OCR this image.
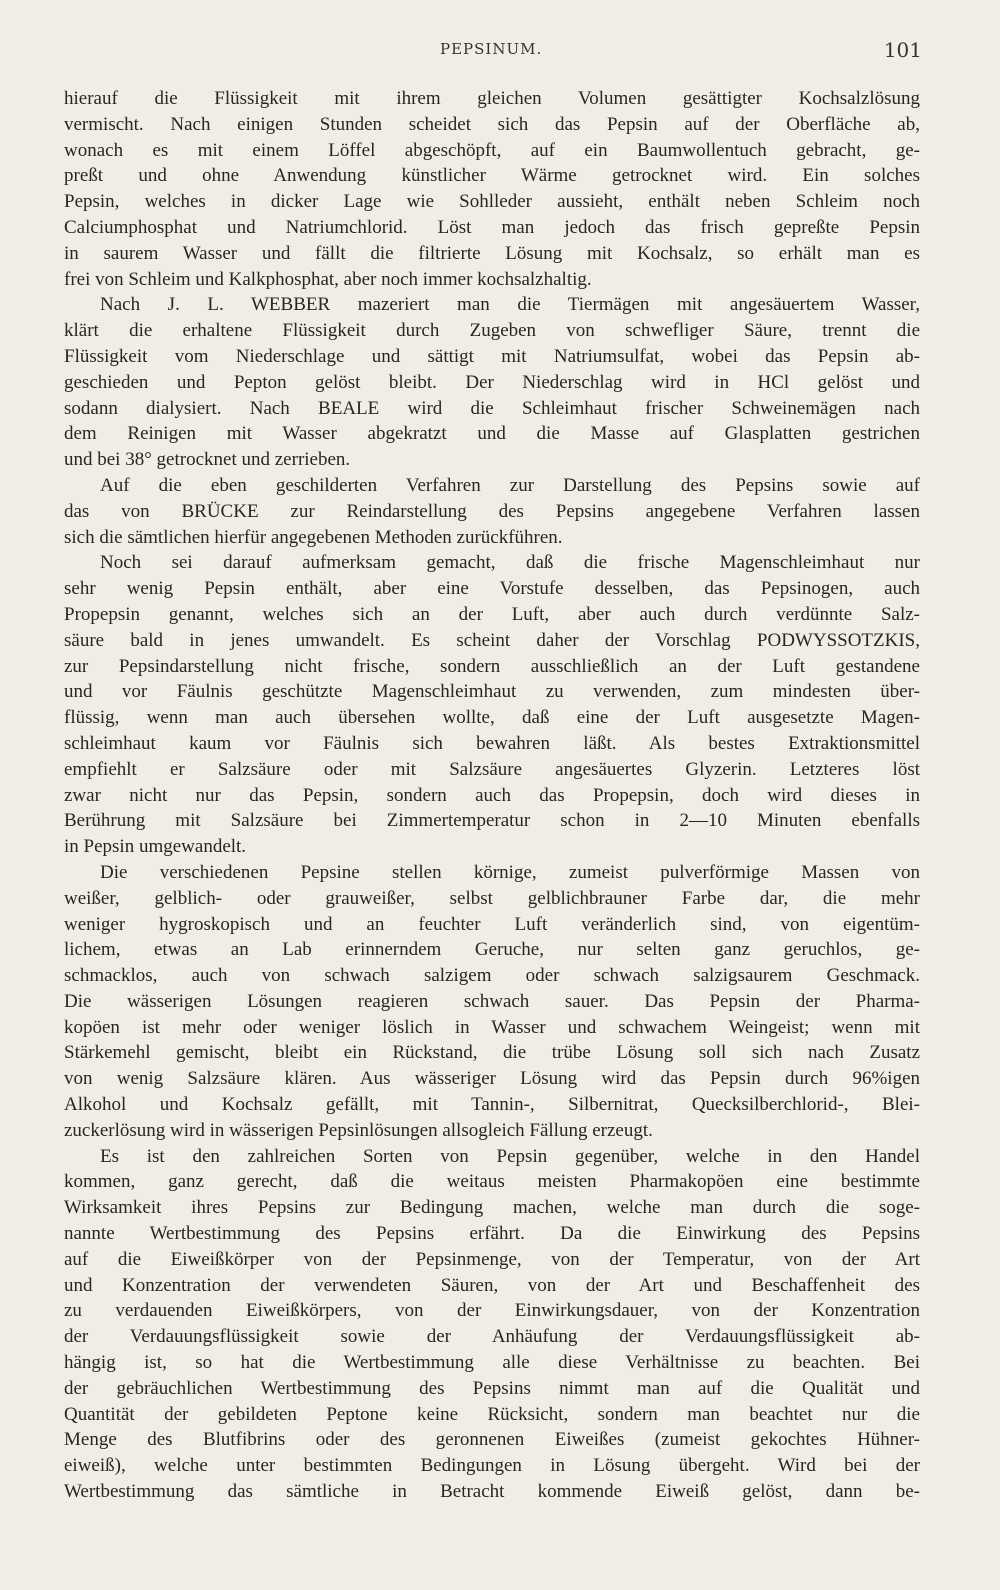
PEPSINUM.	101
hierauf die Flüssigkeit mit ihrem gleichen Volumen gesättigter Kochsalzlösung
vermischt. Nach einigen Stunden scheidet sich das Pepsin auf der Oberfläche ab,
wonach es mit einem Löffel abgeschöpft, auf ein Baumwollentuch gebracht, ge-
preßt und ohne Anwendung künstlicher Wärme getrocknet wird. Ein solches
Pepsin, welches in dicker Lage wie Sohlleder aussieht, enthält neben Schleim noch
Calciumphosphat und Natriumchlorid. Löst man jedoch das frisch gepreßte Pepsin
in saurem Wasser und fällt die filtrierte Lösung mit Kochsalz, so erhält man es
frei von Schleim und Kalkphosphat, aber noch immer kochsalzhaltig.
Nach J. L. WEBBER mazeriert man die Tiermägen mit angesäuertem Wasser,
klärt die erhaltene Flüssigkeit durch Zugeben von schwefliger Säure, trennt die
Flüssigkeit vom Niederschlage und sättigt mit Natriumsulfat, wobei das Pepsin ab-
geschieden und Pepton gelöst bleibt. Der Niederschlag wird in HCl gelöst und
sodann dialysiert. Nach BEALE wird die Schleimhaut frischer Schweinemägen nach
dem Reinigen mit Wasser abgekratzt und die Masse auf Glasplatten gestrichen
und bei 38° getrocknet und zerrieben.
Auf die eben geschilderten Verfahren zur Darstellung des Pepsins sowie auf
das von BRÜCKE zur Reindarstellung des Pepsins angegebene Verfahren lassen
sich die sämtlichen hierfür angegebenen Methoden zurückführen.
Noch sei darauf aufmerksam gemacht, daß die frische Magenschleimhaut nur
sehr wenig Pepsin enthält, aber eine Vorstufe desselben, das Pepsinogen, auch
Propepsin genannt, welches sich an der Luft, aber auch durch verdünnte Salz-
säure bald in jenes umwandelt. Es scheint daher der Vorschlag PODWYSSOTZKIS,
zur Pepsindarstellung nicht frische, sondern ausschließlich an der Luft gestandene
und vor Fäulnis geschützte Magenschleimhaut zu verwenden, zum mindesten über-
flüssig, wenn man auch übersehen wollte, daß eine der Luft ausgesetzte Magen-
schleimhaut kaum vor Fäulnis sich bewahren läßt. Als bestes Extraktionsmittel
empfiehlt er Salzsäure oder mit Salzsäure angesäuertes Glyzerin. Letzteres löst
zwar nicht nur das Pepsin, sondern auch das Propepsin, doch wird dieses in
Berührung mit Salzsäure bei Zimmertemperatur schon in 2—10 Minuten ebenfalls
in Pepsin umgewandelt.
Die verschiedenen Pepsine stellen körnige, zumeist pulverförmige Massen von
weißer, gelblich- oder grauweißer, selbst gelblichbrauner Farbe dar, die mehr
weniger hygroskopisch und an feuchter Luft veränderlich sind, von eigentüm-
lichem, etwas an Lab erinnerndem Geruche, nur selten ganz geruchlos, ge-
schmacklos, auch von schwach salzigem oder schwach salzigsaurem Geschmack.
Die wässerigen Lösungen reagieren schwach sauer. Das Pepsin der Pharma-
kopöen ist mehr oder weniger löslich in Wasser und schwachem Weingeist; wenn mit
Stärkemehl gemischt, bleibt ein Rückstand, die trübe Lösung soll sich nach Zusatz
von wenig Salzsäure klären. Aus wässeriger Lösung wird das Pepsin durch 96%igen
Alkohol und Kochsalz gefällt, mit Tannin-, Silbernitrat, Quecksilberchlorid-, Blei-
zuckerlösung wird in wässerigen Pepsinlösungen allsogleich Fällung erzeugt.
Es ist den zahlreichen Sorten von Pepsin gegenüber, welche in den Handel
kommen, ganz gerecht, daß die weitaus meisten Pharmakopöen eine bestimmte
Wirksamkeit ihres Pepsins zur Bedingung machen, welche man durch die soge-
nannte Wertbestimmung des Pepsins erfährt. Da die Einwirkung des Pepsins
auf die Eiweißkörper von der Pepsinmenge, von der Temperatur, von der Art
und Konzentration der verwendeten Säuren, von der Art und Beschaffenheit des
zu verdauenden Eiweißkörpers, von der Einwirkungsdauer, von der Konzentration
der Verdauungsflüssigkeit sowie der Anhäufung der Verdauungsflüssigkeit ab-
hängig ist, so hat die Wertbestimmung alle diese Verhältnisse zu beachten. Bei
der gebräuchlichen Wertbestimmung des Pepsins nimmt man auf die Qualität und
Quantität der gebildeten Peptone keine Rücksicht, sondern man beachtet nur die
Menge des Blutfibrins oder des geronnenen Eiweißes (zumeist gekochtes Hühner-
eiweiß), welche unter bestimmten Bedingungen in Lösung übergeht. Wird bei der
Wertbestimmung das sämtliche in Betracht kommende Eiweiß gelöst, dann be-
